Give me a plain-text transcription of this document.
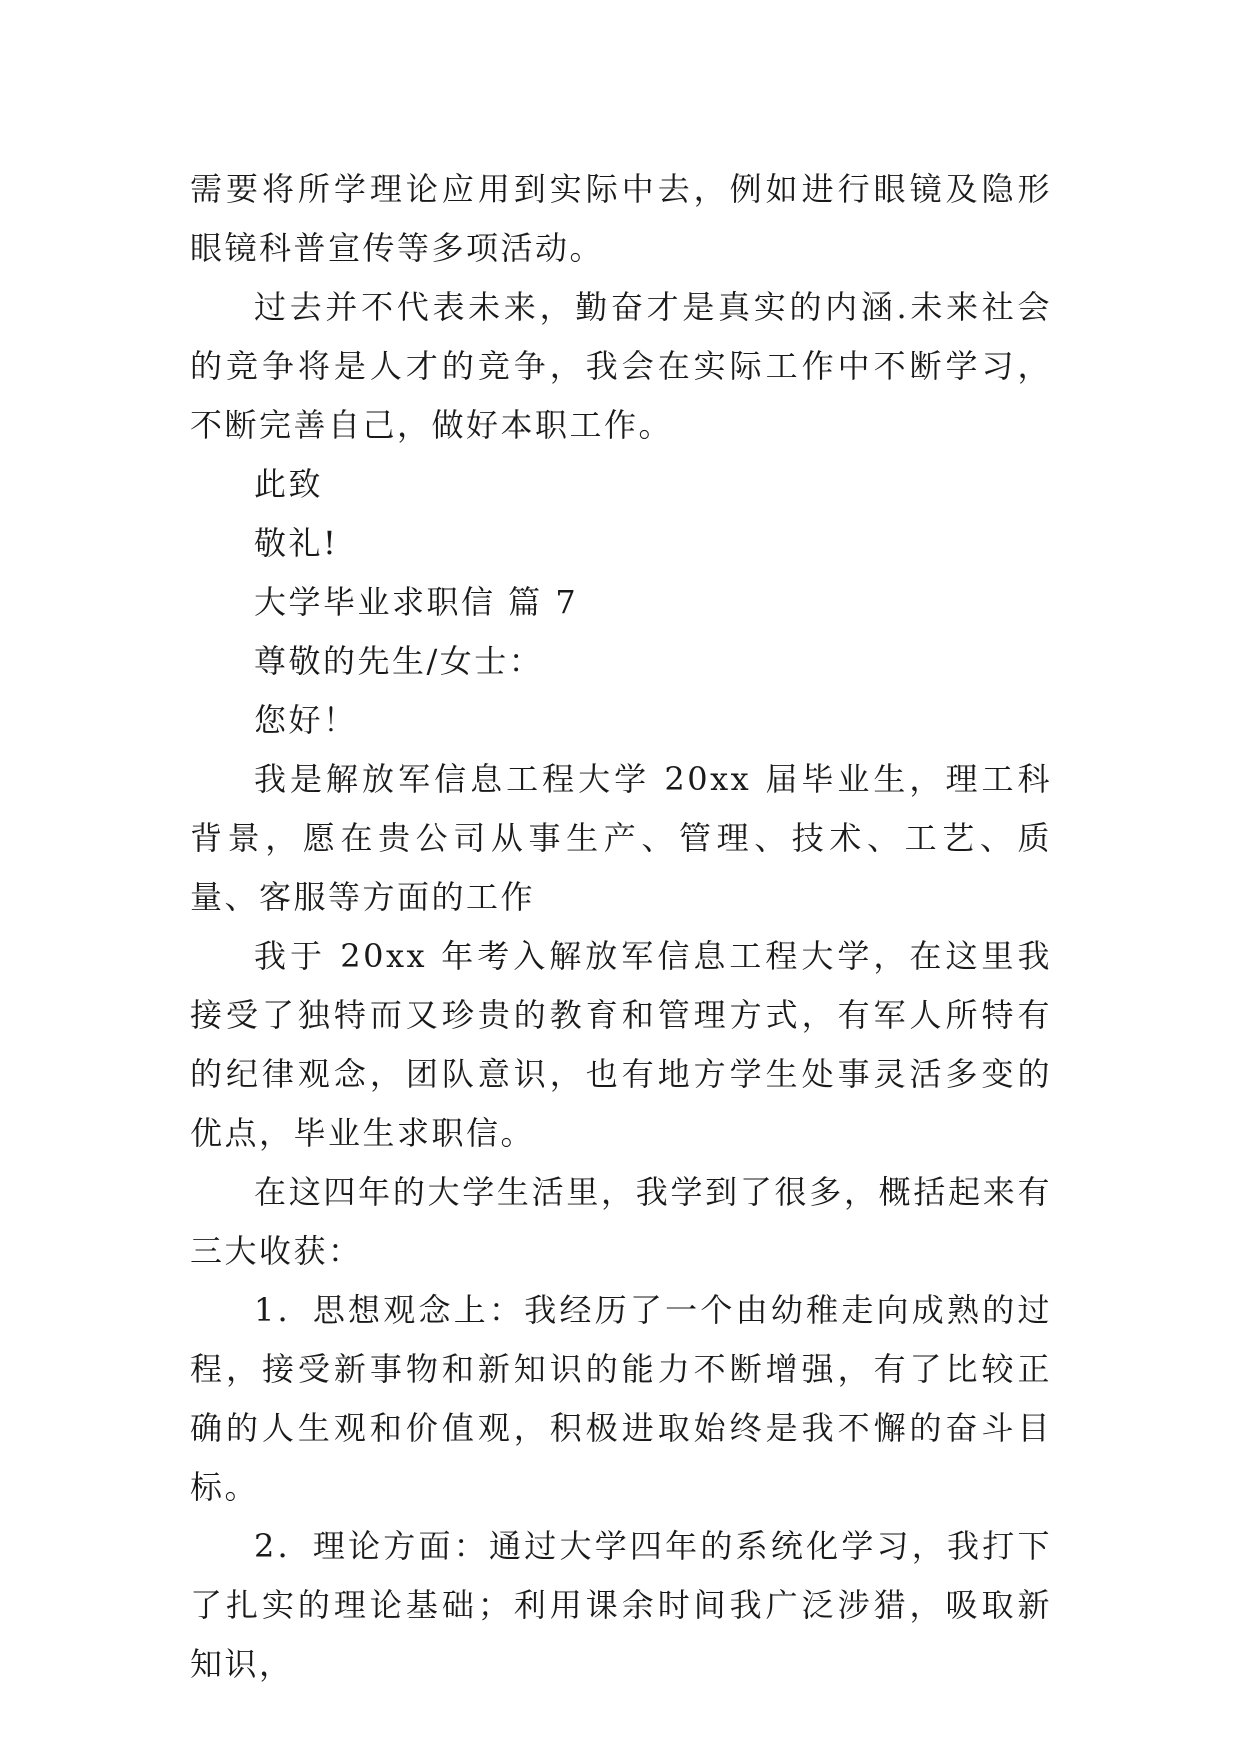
需要将所学理论应用到实际中去，例如进行眼镜及隐形眼镜科普宣传等多项活动。

过去并不代表未来，勤奋才是真实的内涵.未来社会的竞争将是人才的竞争，我会在实际工作中不断学习，不断完善自己，做好本职工作。

此致

敬礼!

大学毕业求职信 篇 7

尊敬的先生/女士：

您好！

我是解放军信息工程大学 20xx 届毕业生，理工科背景，愿在贵公司从事生产、管理、技术、工艺、质量、客服等方面的工作

我于 20xx 年考入解放军信息工程大学，在这里我接受了独特而又珍贵的教育和管理方式，有军人所特有的纪律观念，团队意识，也有地方学生处事灵活多变的优点，毕业生求职信。

在这四年的大学生活里，我学到了很多，概括起来有三大收获：

1．思想观念上：我经历了一个由幼稚走向成熟的过程，接受新事物和新知识的能力不断增强，有了比较正确的人生观和价值观，积极进取始终是我不懈的奋斗目标。

2．理论方面：通过大学四年的系统化学习，我打下了扎实的理论基础；利用课余时间我广泛涉猎，吸取新知识，
